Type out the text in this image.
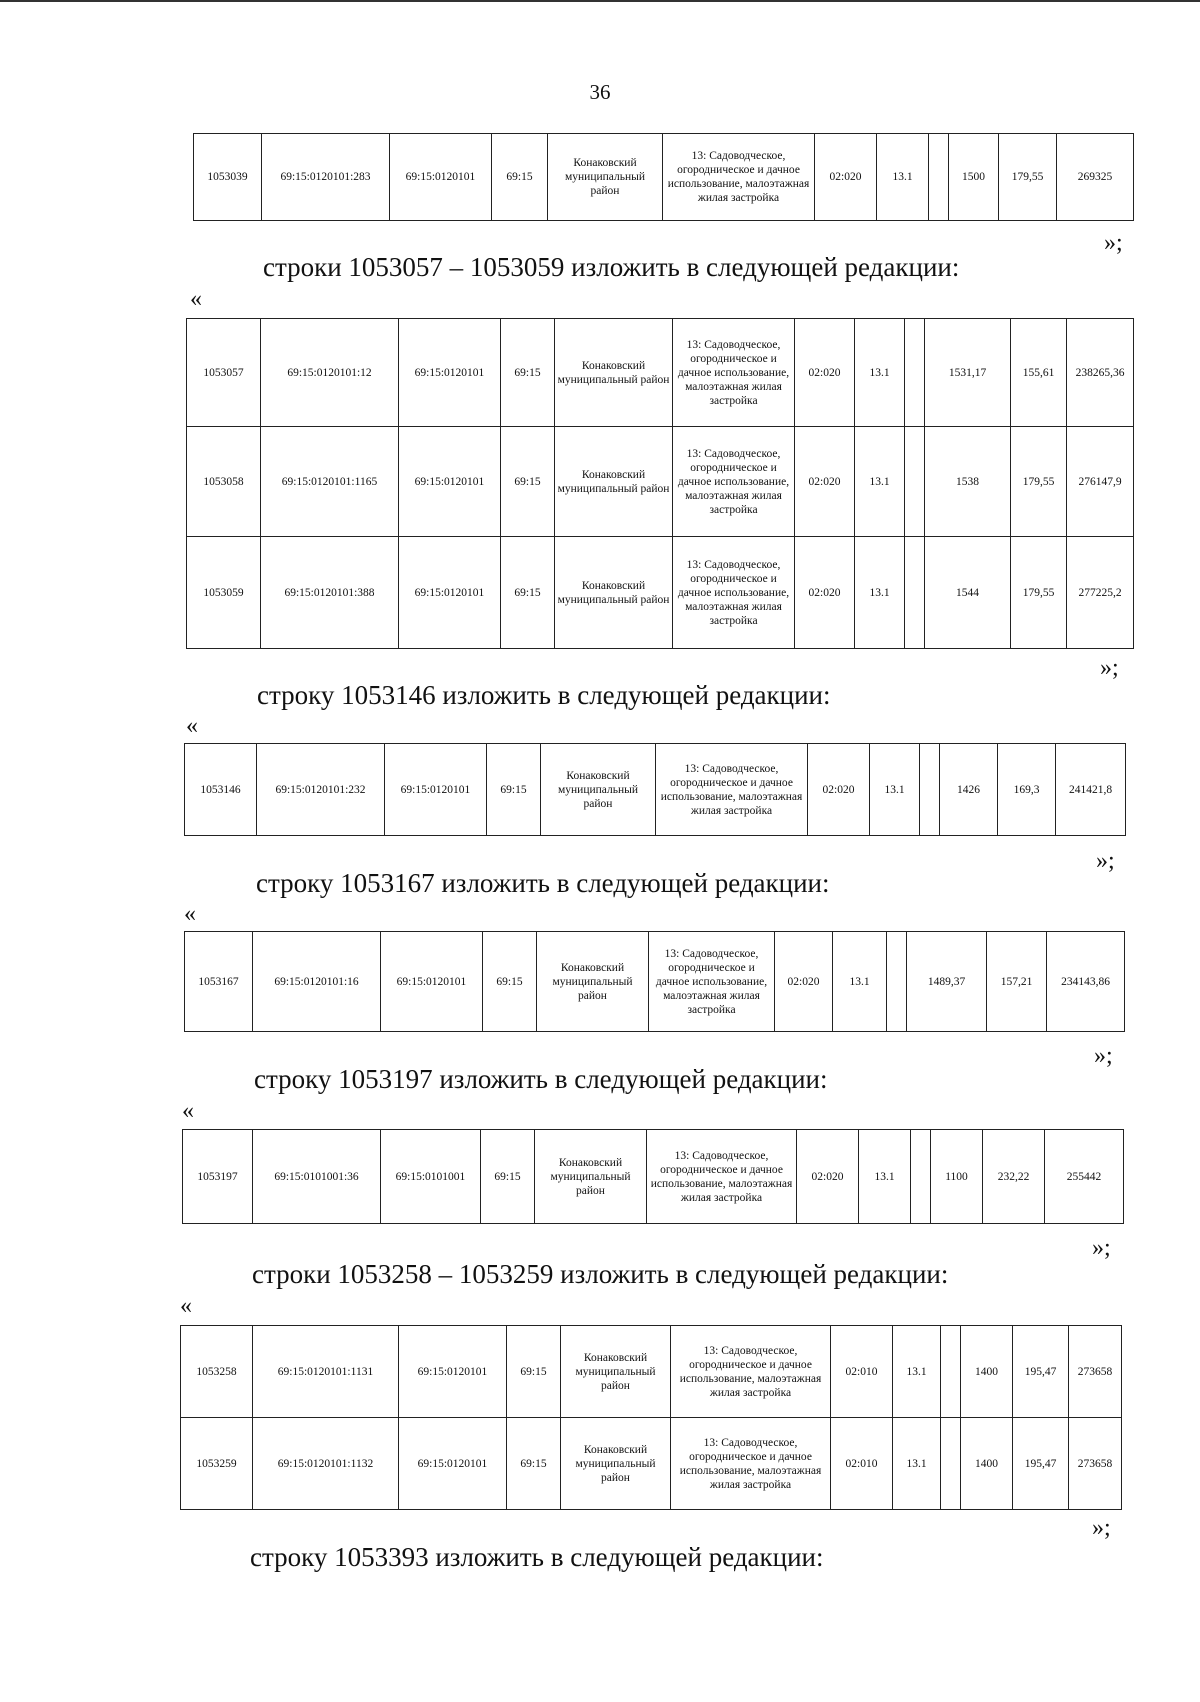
36
1053039	69:15:0120101:283	69:15:0120101	69:15	Конаковский муниципальный район	13: Садоводческое, огородническое и дачное использование, малоэтажная жилая застройка	02:020	13.1		1500	179,55	269325
»;
строки 1053057 – 1053059 изложить в следующей редакции:
«
1053057	69:15:0120101:12	69:15:0120101	69:15	Конаковский муниципальный район	13: Садоводческое, огородническое и дачное использование, малоэтажная жилая застройка	02:020	13.1		1531,17	155,61	238265,36
1053058	69:15:0120101:1165	69:15:0120101	69:15	Конаковский муниципальный район	13: Садоводческое, огородническое и дачное использование, малоэтажная жилая застройка	02:020	13.1		1538	179,55	276147,9
1053059	69:15:0120101:388	69:15:0120101	69:15	Конаковский муниципальный район	13: Садоводческое, огородническое и дачное использование, малоэтажная жилая застройка	02:020	13.1		1544	179,55	277225,2
»;
строку 1053146 изложить в следующей редакции:
«
1053146	69:15:0120101:232	69:15:0120101	69:15	Конаковский муниципальный район	13: Садоводческое, огородническое и дачное использование, малоэтажная жилая застройка	02:020	13.1		1426	169,3	241421,8
»;
строку 1053167 изложить в следующей редакции:
«
1053167	69:15:0120101:16	69:15:0120101	69:15	Конаковский муниципальный район	13: Садоводческое, огородническое и дачное использование, малоэтажная жилая застройка	02:020	13.1		1489,37	157,21	234143,86
»;
строку 1053197 изложить в следующей редакции:
«
1053197	69:15:0101001:36	69:15:0101001	69:15	Конаковский муниципальный район	13: Садоводческое, огородническое и дачное использование, малоэтажная жилая застройка	02:020	13.1		1100	232,22	255442
»;
строки 1053258 – 1053259 изложить в следующей редакции:
«
1053258	69:15:0120101:1131	69:15:0120101	69:15	Конаковский муниципальный район	13: Садоводческое, огородническое и дачное использование, малоэтажная жилая застройка	02:010	13.1		1400	195,47	273658
1053259	69:15:0120101:1132	69:15:0120101	69:15	Конаковский муниципальный район	13: Садоводческое, огородническое и дачное использование, малоэтажная жилая застройка	02:010	13.1		1400	195,47	273658
»;
строку 1053393 изложить в следующей редакции:
